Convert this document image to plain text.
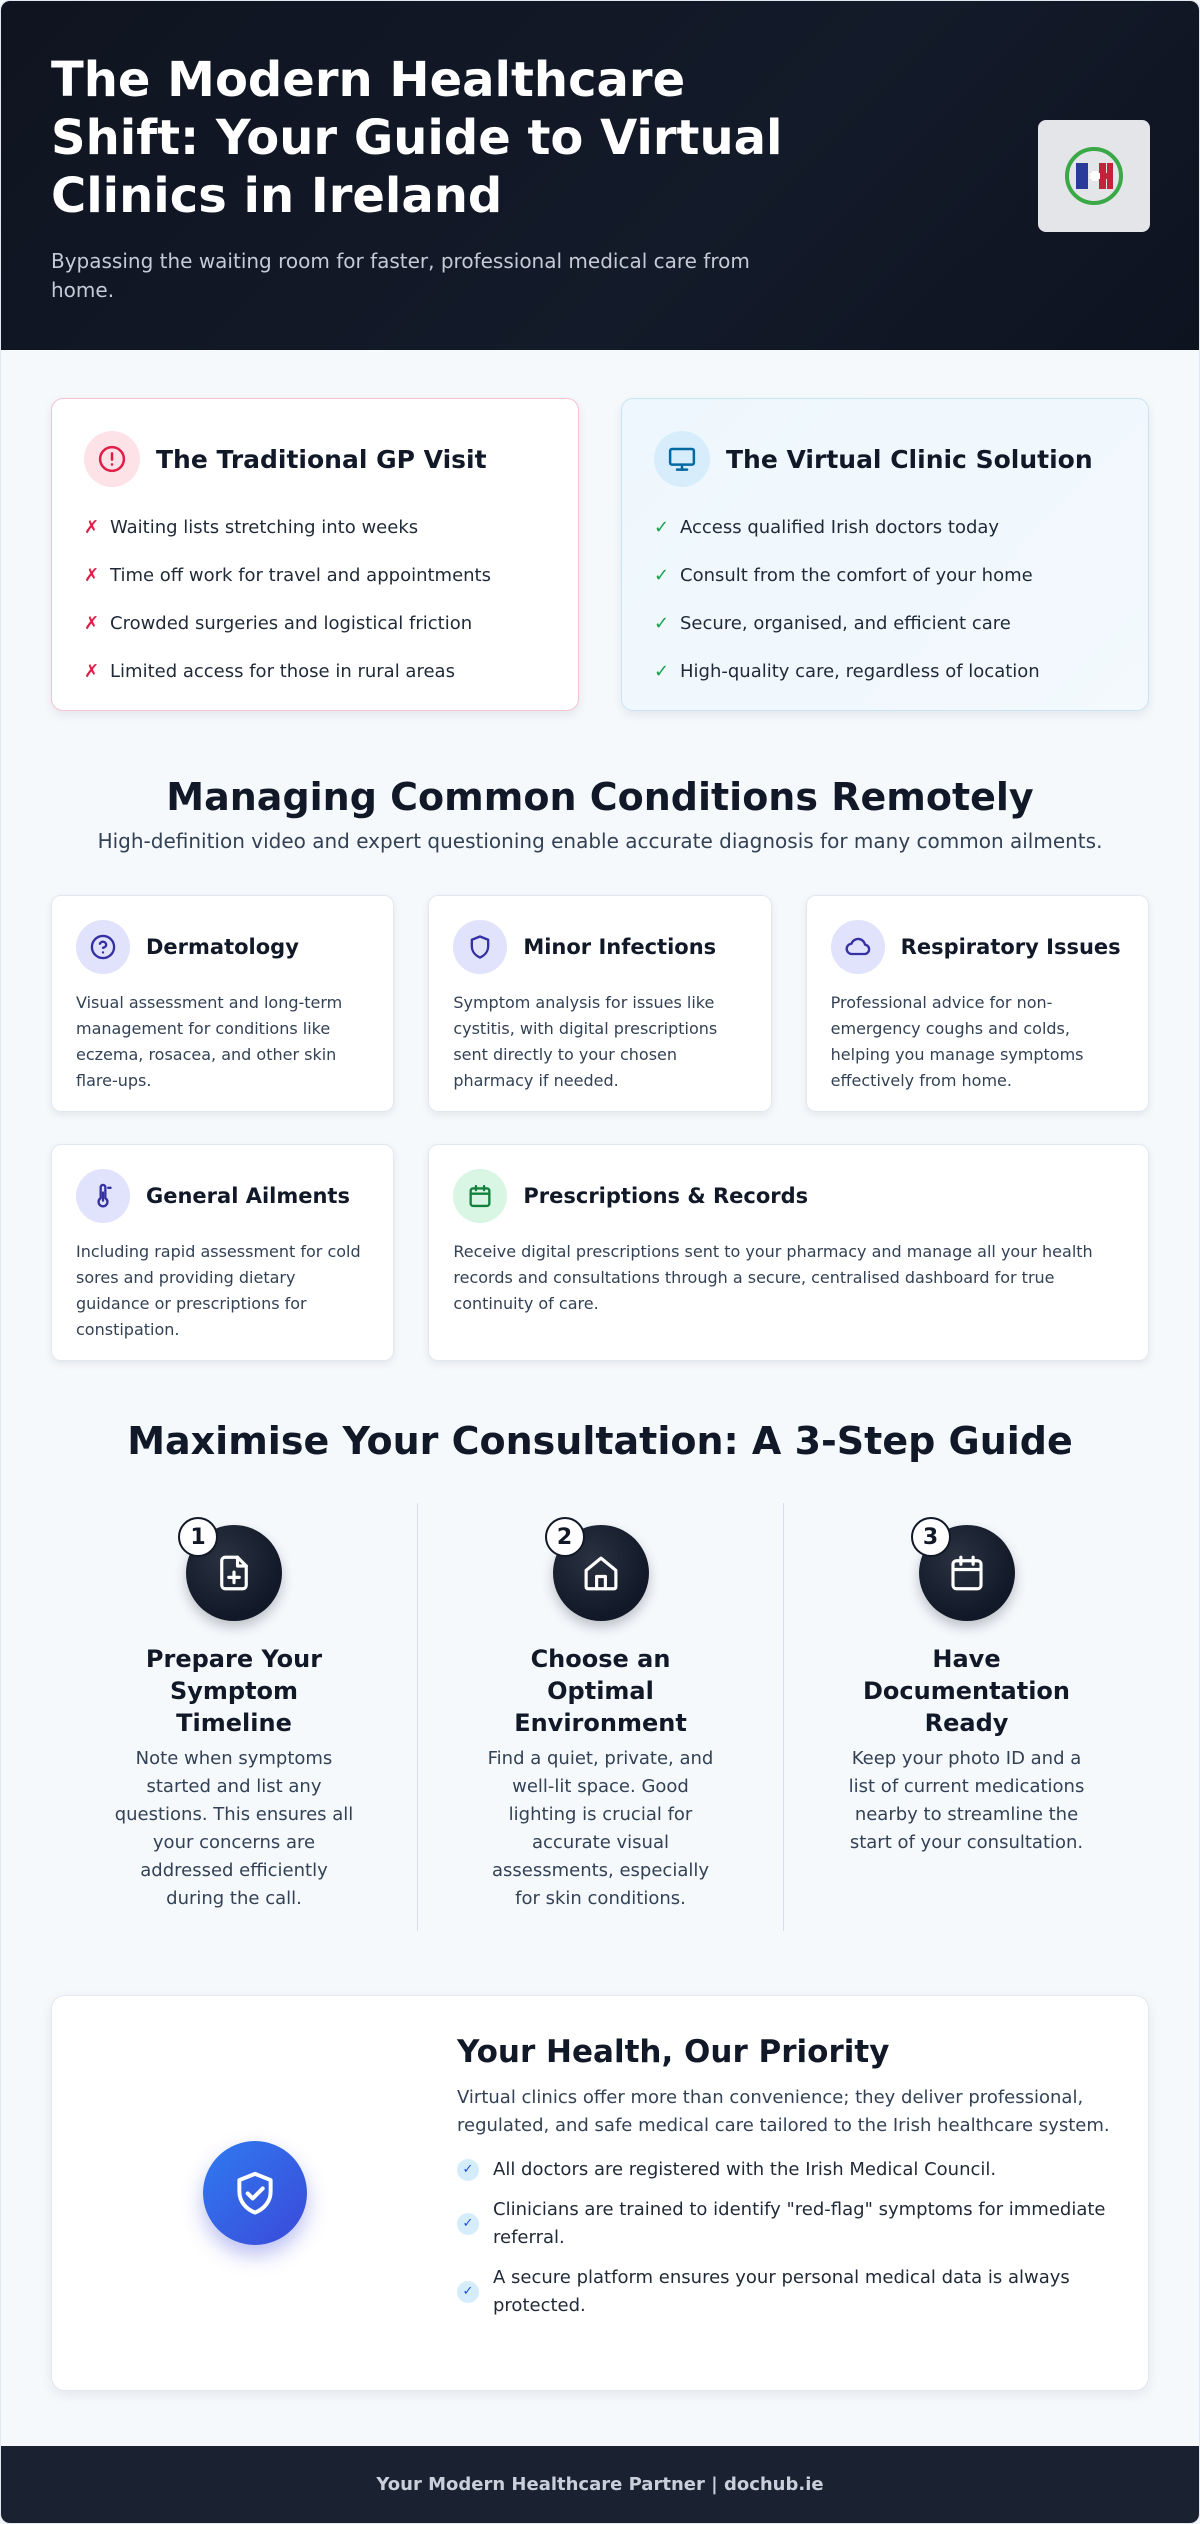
The Modern Healthcare Shift: Your Guide to Virtual Clinics in Ireland

Bypassing the waiting room for faster, professional medical care from home.

The Traditional GP Visit
✗ Waiting lists stretching into weeks
✗ Time off work for travel and appointments
✗ Crowded surgeries and logistical friction
✗ Limited access for those in rural areas
The Virtual Clinic Solution
✓ Access qualified Irish doctors today
✓ Consult from the comfort of your home
✓ Secure, organised, and efficient care
✓ High-quality care, regardless of location
Managing Common Conditions Remotely

High-definition video and expert questioning enable accurate diagnosis for many common ailments.

Dermatology

Visual assessment and long-term management for conditions like eczema, rosacea, and other skin flare-ups.

Minor Infections

Symptom analysis for issues like cystitis, with digital prescriptions sent directly to your chosen pharmacy if needed.

Respiratory Issues

Professional advice for non-emergency coughs and colds, helping you manage symptoms effectively from home.

General Ailments

Including rapid assessment for cold sores and providing dietary guidance or prescriptions for constipation.

Prescriptions & Records

Receive digital prescriptions sent to your pharmacy and manage all your health records and consultations through a secure, centralised dashboard for true continuity of care.

Maximise Your Consultation: A 3-Step Guide
1
Prepare Your Symptom Timeline

Note when symptoms started and list any questions. This ensures all your concerns are addressed efficiently during the call.

2
Choose an Optimal Environment

Find a quiet, private, and well-lit space. Good lighting is crucial for accurate visual assessments, especially for skin conditions.

3
Have Documentation Ready

Keep your photo ID and a list of current medications nearby to streamline the start of your consultation.

Your Health, Our Priority

Virtual clinics offer more than convenience; they deliver professional, regulated, and safe medical care tailored to the Irish healthcare system.

✓	All doctors are registered with the Irish Medical Council.
✓
Clinicians are trained to identify "red-flag" symptoms for immediate referral.
✓
A secure platform ensures your personal medical data is always protected.
Your Modern Healthcare Partner | dochub.ie
